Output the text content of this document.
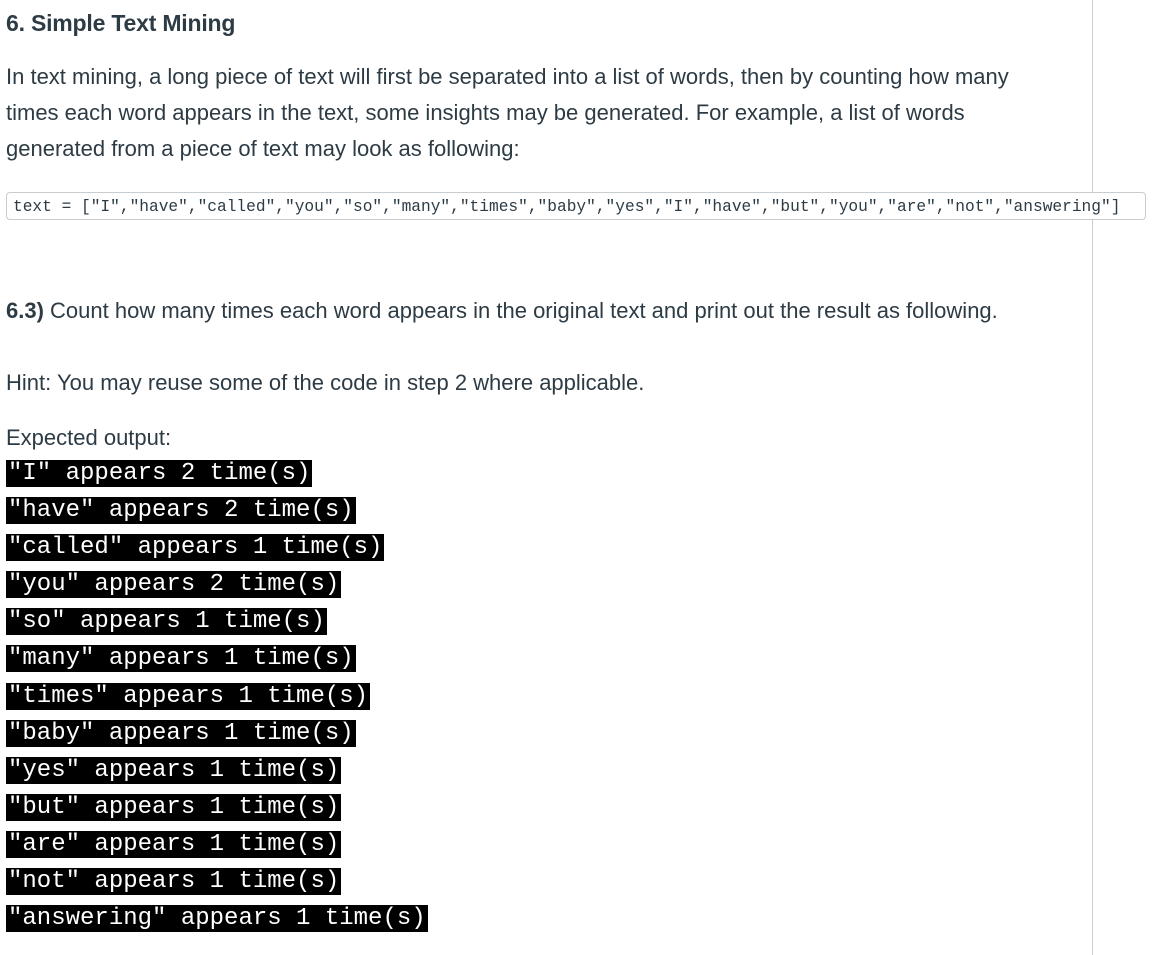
6. Simple Text Mining

In text mining, a long piece of text will first be separated into a list of words, then by counting how many times each word appears in the text, some insights may be generated. For example, a list of words generated from a piece of text may look as following:

text = ["I","have","called","you","so","many","times","baby","yes","I","have","but","you","are","not","answering"]

6.3) Count how many times each word appears in the original text and print out the result as following.

Hint: You may reuse some of the code in step 2 where applicable.

Expected output:

"I" appears 2 time(s)
"have" appears 2 time(s)
"called" appears 1 time(s)
"you" appears 2 time(s)
"so" appears 1 time(s)
"many" appears 1 time(s)
"times" appears 1 time(s)
"baby" appears 1 time(s)
"yes" appears 1 time(s)
"but" appears 1 time(s)
"are" appears 1 time(s)
"not" appears 1 time(s)
"answering" appears 1 time(s)
